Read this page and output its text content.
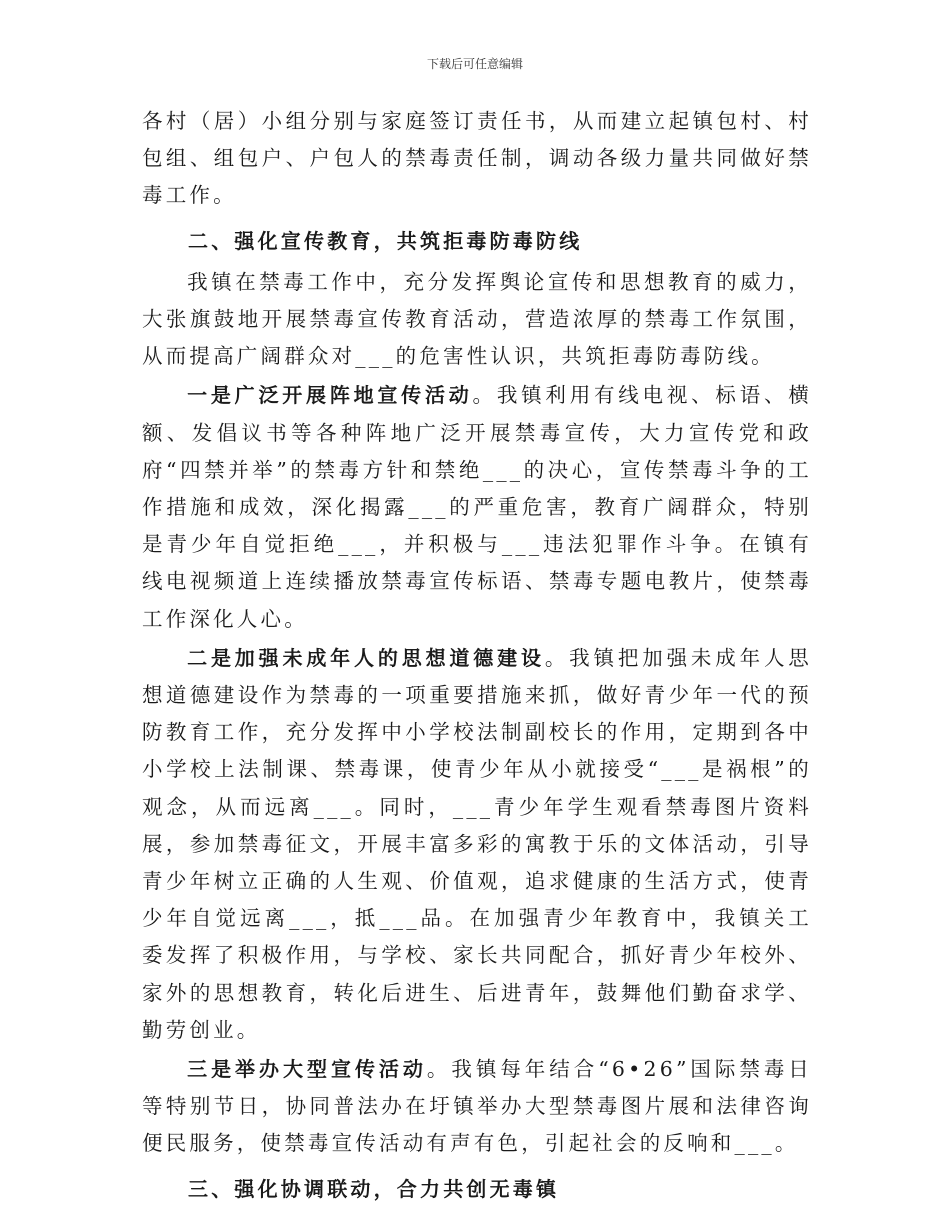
下载后可任意编辑

各村（居）小组分别与家庭签订责任书，从而建立起镇包村、村包组、组包户、户包人的禁毒责任制，调动各级力量共同做好禁毒工作。

二、强化宣传教育，共筑拒毒防毒防线

我镇在禁毒工作中，充分发挥舆论宣传和思想教育的威力，大张旗鼓地开展禁毒宣传教育活动，营造浓厚的禁毒工作氛围，从而提高广阔群众对___的危害性认识，共筑拒毒防毒防线。

一是广泛开展阵地宣传活动。我镇利用有线电视、标语、横额、发倡议书等各种阵地广泛开展禁毒宣传，大力宣传党和政府“四禁并举”的禁毒方针和禁绝___的决心，宣传禁毒斗争的工作措施和成效，深化揭露___的严重危害，教育广阔群众，特别是青少年自觉拒绝___，并积极与___违法犯罪作斗争。在镇有线电视频道上连续播放禁毒宣传标语、禁毒专题电教片，使禁毒工作深化人心。

二是加强未成年人的思想道德建设。我镇把加强未成年人思想道德建设作为禁毒的一项重要措施来抓，做好青少年一代的预防教育工作，充分发挥中小学校法制副校长的作用，定期到各中小学校上法制课、禁毒课，使青少年从小就接受“___是祸根”的观念，从而远离___。同时，___青少年学生观看禁毒图片资料展，参加禁毒征文，开展丰富多彩的寓教于乐的文体活动，引导青少年树立正确的人生观、价值观，追求健康的生活方式，使青少年自觉远离___，抵___品。在加强青少年教育中，我镇关工委发挥了积极作用，与学校、家长共同配合，抓好青少年校外、家外的思想教育，转化后进生、后进青年，鼓舞他们勤奋求学、勤劳创业。

三是举办大型宣传活动。我镇每年结合“6•26”国际禁毒日等特别节日，协同普法办在圩镇举办大型禁毒图片展和法律咨询便民服务，使禁毒宣传活动有声有色，引起社会的反响和___。

三、强化协调联动，合力共创无毒镇
